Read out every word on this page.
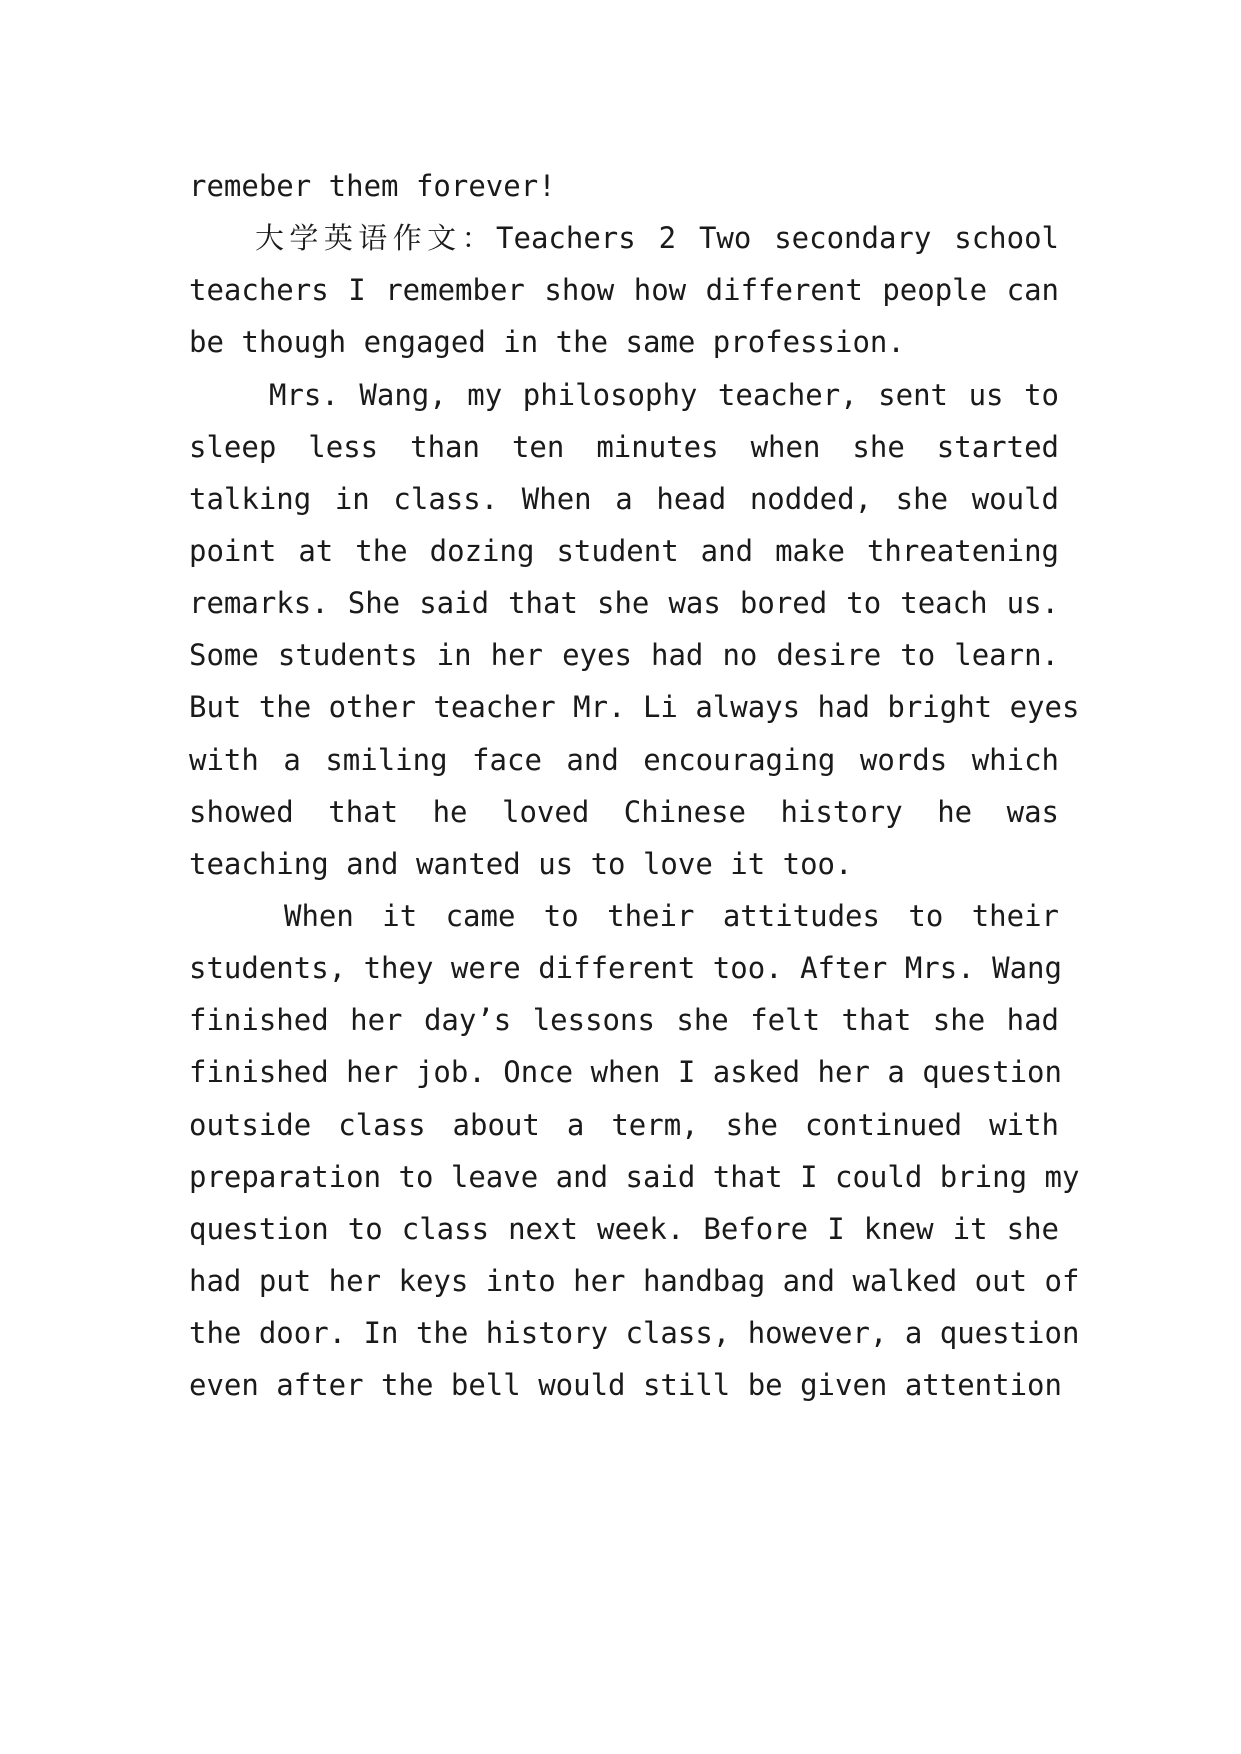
remeber them forever!
大学英语作文：Teachers 2 Two secondary school
teachers I remember show how different people can
be though engaged in the same profession.
Mrs. Wang, my philosophy teacher, sent us to
sleep less than ten minutes when she started
talking in class. When a head nodded, she would
point at the dozing student and make threatening
remarks. She said that she was bored to teach us.
Some students in her eyes had no desire to learn.
But the other teacher Mr. Li always had bright eyes
with a smiling face and encouraging words which
showed that he loved Chinese history he was
teaching and wanted us to love it too.
When it came to their attitudes to their
students, they were different too. After Mrs. Wang
finished her day’s lessons she felt that she had
finished her job. Once when I asked her a question
outside class about a term, she continued with
preparation to leave and said that I could bring my
question to class next week. Before I knew it she
had put her keys into her handbag and walked out of
the door. In the history class, however, a question
even after the bell would still be given attention
